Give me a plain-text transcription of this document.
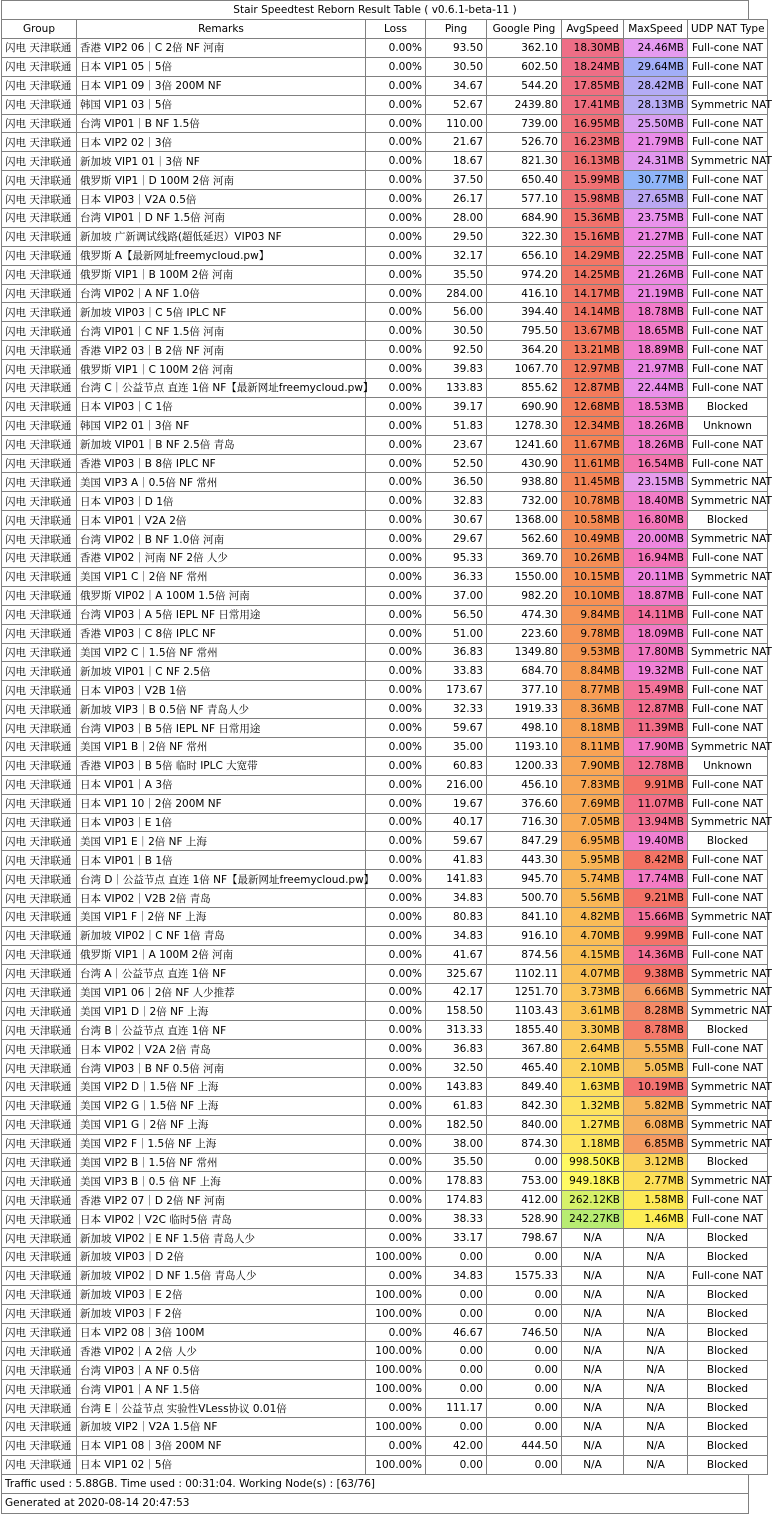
Stair Speedtest Reborn Result Table ( v0.6.1-beta-11 )
Group	Remarks	Loss	Ping	Google Ping	AvgSpeed	MaxSpeed	UDP NAT Type
闪电 天津联通	香港 VIP2 06｜C 2倍 NF 河南	0.00%	93.50	362.10	18.30MB	24.46MB	Full-cone NAT
闪电 天津联通	日本 VIP1 05｜5倍	0.00%	30.50	602.50	18.24MB	29.64MB	Full-cone NAT
闪电 天津联通	日本 VIP1 09｜3倍 200M NF	0.00%	34.67	544.20	17.85MB	28.42MB	Full-cone NAT
闪电 天津联通	韩国 VIP1 03｜5倍	0.00%	52.67	2439.80	17.41MB	28.13MB	Symmetric NAT
闪电 天津联通	台湾 VIP01｜B NF 1.5倍	0.00%	110.00	739.00	16.95MB	25.50MB	Full-cone NAT
闪电 天津联通	日本 VIP2 02｜3倍	0.00%	21.67	526.70	16.23MB	21.79MB	Full-cone NAT
闪电 天津联通	新加坡 VIP1 01｜3倍 NF	0.00%	18.67	821.30	16.13MB	24.31MB	Symmetric NAT
闪电 天津联通	俄罗斯 VIP1｜D 100M 2倍 河南	0.00%	37.50	650.40	15.99MB	30.77MB	Full-cone NAT
闪电 天津联通	日本 VIP03｜V2A 0.5倍	0.00%	26.17	577.10	15.98MB	27.65MB	Full-cone NAT
闪电 天津联通	台湾 VIP01｜D NF 1.5倍 河南	0.00%	28.00	684.90	15.36MB	23.75MB	Full-cone NAT
闪电 天津联通	新加坡 广新调试线路(超低延迟）VIP03 NF	0.00%	29.50	322.30	15.16MB	21.27MB	Full-cone NAT
闪电 天津联通	俄罗斯 A【最新网址freemycloud.pw】	0.00%	32.17	656.10	14.29MB	22.25MB	Full-cone NAT
闪电 天津联通	俄罗斯 VIP1｜B 100M 2倍 河南	0.00%	35.50	974.20	14.25MB	21.26MB	Full-cone NAT
闪电 天津联通	台湾 VIP02｜A NF 1.0倍	0.00%	284.00	416.10	14.17MB	21.19MB	Full-cone NAT
闪电 天津联通	新加坡 VIP03｜C 5倍 IPLC NF	0.00%	56.00	394.40	14.14MB	18.78MB	Full-cone NAT
闪电 天津联通	台湾 VIP01｜C NF 1.5倍 河南	0.00%	30.50	795.50	13.67MB	18.65MB	Full-cone NAT
闪电 天津联通	香港 VIP2 03｜B 2倍 NF 河南	0.00%	92.50	364.20	13.21MB	18.89MB	Full-cone NAT
闪电 天津联通	俄罗斯 VIP1｜C 100M 2倍 河南	0.00%	39.83	1067.70	12.97MB	21.97MB	Full-cone NAT
闪电 天津联通	台湾 C｜公益节点 直连 1倍 NF【最新网址freemycloud.pw】	0.00%	133.83	855.62	12.87MB	22.44MB	Full-cone NAT
闪电 天津联通	日本 VIP03｜C 1倍	0.00%	39.17	690.90	12.68MB	18.53MB	Blocked
闪电 天津联通	韩国 VIP2 01｜3倍 NF	0.00%	51.83	1278.30	12.34MB	18.26MB	Unknown
闪电 天津联通	新加坡 VIP01｜B NF 2.5倍 青岛	0.00%	23.67	1241.60	11.67MB	18.26MB	Full-cone NAT
闪电 天津联通	香港 VIP03｜B 8倍 IPLC NF	0.00%	52.50	430.90	11.61MB	16.54MB	Full-cone NAT
闪电 天津联通	美国 VIP3 A｜0.5倍 NF 常州	0.00%	36.50	938.80	11.45MB	23.15MB	Symmetric NAT
闪电 天津联通	日本 VIP03｜D 1倍	0.00%	32.83	732.00	10.78MB	18.40MB	Symmetric NAT
闪电 天津联通	日本 VIP01｜V2A 2倍	0.00%	30.67	1368.00	10.58MB	16.80MB	Blocked
闪电 天津联通	台湾 VIP02｜B NF 1.0倍 河南	0.00%	29.67	562.60	10.49MB	20.00MB	Symmetric NAT
闪电 天津联通	香港 VIP02｜河南 NF 2倍 人少	0.00%	95.33	369.70	10.26MB	16.94MB	Full-cone NAT
闪电 天津联通	美国 VIP1 C｜2倍 NF 常州	0.00%	36.33	1550.00	10.15MB	20.11MB	Symmetric NAT
闪电 天津联通	俄罗斯 VIP02｜A 100M 1.5倍 河南	0.00%	37.00	982.20	10.10MB	18.87MB	Full-cone NAT
闪电 天津联通	台湾 VIP03｜A 5倍 IEPL NF 日常用途	0.00%	56.50	474.30	9.84MB	14.11MB	Full-cone NAT
闪电 天津联通	香港 VIP03｜C 8倍 IPLC NF	0.00%	51.00	223.60	9.78MB	18.09MB	Full-cone NAT
闪电 天津联通	美国 VIP2 C｜1.5倍 NF 常州	0.00%	36.83	1349.80	9.53MB	17.80MB	Symmetric NAT
闪电 天津联通	新加坡 VIP01｜C NF 2.5倍	0.00%	33.83	684.70	8.84MB	19.32MB	Full-cone NAT
闪电 天津联通	日本 VIP03｜V2B 1倍	0.00%	173.67	377.10	8.77MB	15.49MB	Full-cone NAT
闪电 天津联通	新加坡 VIP3｜B 0.5倍 NF 青岛人少	0.00%	32.33	1919.33	8.36MB	12.87MB	Full-cone NAT
闪电 天津联通	台湾 VIP03｜B 5倍 IEPL NF 日常用途	0.00%	59.67	498.10	8.18MB	11.39MB	Full-cone NAT
闪电 天津联通	美国 VIP1 B｜2倍 NF 常州	0.00%	35.00	1193.10	8.11MB	17.90MB	Symmetric NAT
闪电 天津联通	香港 VIP03｜B 5倍 临时 IPLC 大宽带	0.00%	60.83	1200.33	7.90MB	12.78MB	Unknown
闪电 天津联通	日本 VIP01｜A 3倍	0.00%	216.00	456.10	7.83MB	9.91MB	Full-cone NAT
闪电 天津联通	日本 VIP1 10｜2倍 200M NF	0.00%	19.67	376.60	7.69MB	11.07MB	Full-cone NAT
闪电 天津联通	日本 VIP03｜E 1倍	0.00%	40.17	716.30	7.05MB	13.94MB	Symmetric NAT
闪电 天津联通	美国 VIP1 E｜2倍 NF 上海	0.00%	59.67	847.29	6.95MB	19.40MB	Blocked
闪电 天津联通	日本 VIP01｜B 1倍	0.00%	41.83	443.30	5.95MB	8.42MB	Full-cone NAT
闪电 天津联通	台湾 D｜公益节点 直连 1倍 NF【最新网址freemycloud.pw】	0.00%	141.83	945.70	5.74MB	17.74MB	Full-cone NAT
闪电 天津联通	日本 VIP02｜V2B 2倍 青岛	0.00%	34.83	500.70	5.56MB	9.21MB	Full-cone NAT
闪电 天津联通	美国 VIP1 F｜2倍 NF 上海	0.00%	80.83	841.10	4.82MB	15.66MB	Symmetric NAT
闪电 天津联通	新加坡 VIP02｜C NF 1倍 青岛	0.00%	34.83	916.10	4.70MB	9.99MB	Full-cone NAT
闪电 天津联通	俄罗斯 VIP1｜A 100M 2倍 河南	0.00%	41.67	874.56	4.15MB	14.36MB	Full-cone NAT
闪电 天津联通	台湾 A｜公益节点 直连 1倍 NF	0.00%	325.67	1102.11	4.07MB	9.38MB	Symmetric NAT
闪电 天津联通	美国 VIP1 06｜2倍 NF 人少推荐	0.00%	42.17	1251.70	3.73MB	6.66MB	Symmetric NAT
闪电 天津联通	美国 VIP1 D｜2倍 NF 上海	0.00%	158.50	1103.43	3.61MB	8.28MB	Symmetric NAT
闪电 天津联通	台湾 B｜公益节点 直连 1倍 NF	0.00%	313.33	1855.40	3.30MB	8.78MB	Blocked
闪电 天津联通	日本 VIP02｜V2A 2倍 青岛	0.00%	36.83	367.80	2.64MB	5.55MB	Full-cone NAT
闪电 天津联通	台湾 VIP03｜B NF 0.5倍 河南	0.00%	32.50	465.40	2.10MB	5.05MB	Full-cone NAT
闪电 天津联通	美国 VIP2 D｜1.5倍 NF 上海	0.00%	143.83	849.40	1.63MB	10.19MB	Symmetric NAT
闪电 天津联通	美国 VIP2 G｜1.5倍 NF 上海	0.00%	61.83	842.30	1.32MB	5.82MB	Symmetric NAT
闪电 天津联通	美国 VIP1 G｜2倍 NF 上海	0.00%	182.50	840.00	1.27MB	6.08MB	Symmetric NAT
闪电 天津联通	美国 VIP2 F｜1.5倍 NF 上海	0.00%	38.00	874.30	1.18MB	6.85MB	Symmetric NAT
闪电 天津联通	美国 VIP2 B｜1.5倍 NF 常州	0.00%	35.50	0.00	998.50KB	3.12MB	Blocked
闪电 天津联通	美国 VIP3 B｜0.5 倍 NF 上海	0.00%	178.83	753.00	949.18KB	2.77MB	Symmetric NAT
闪电 天津联通	香港 VIP2 07｜D 2倍 NF 河南	0.00%	174.83	412.00	262.12KB	1.58MB	Full-cone NAT
闪电 天津联通	日本 VIP02｜V2C 临时5倍 青岛	0.00%	38.33	528.90	242.27KB	1.46MB	Full-cone NAT
闪电 天津联通	新加坡 VIP02｜E NF 1.5倍 青岛人少	0.00%	33.17	798.67	N/A	N/A	Blocked
闪电 天津联通	新加坡 VIP03｜D 2倍	100.00%	0.00	0.00	N/A	N/A	Blocked
闪电 天津联通	新加坡 VIP02｜D NF 1.5倍 青岛人少	0.00%	34.83	1575.33	N/A	N/A	Full-cone NAT
闪电 天津联通	新加坡 VIP03｜E 2倍	100.00%	0.00	0.00	N/A	N/A	Blocked
闪电 天津联通	新加坡 VIP03｜F 2倍	100.00%	0.00	0.00	N/A	N/A	Blocked
闪电 天津联通	日本 VIP2 08｜3倍 100M	0.00%	46.67	746.50	N/A	N/A	Blocked
闪电 天津联通	香港 VIP02｜A 2倍 人少	100.00%	0.00	0.00	N/A	N/A	Blocked
闪电 天津联通	台湾 VIP03｜A NF 0.5倍	100.00%	0.00	0.00	N/A	N/A	Blocked
闪电 天津联通	台湾 VIP01｜A NF 1.5倍	100.00%	0.00	0.00	N/A	N/A	Blocked
闪电 天津联通	台湾 E｜公益节点 实验性VLess协议 0.01倍	0.00%	111.17	0.00	N/A	N/A	Blocked
闪电 天津联通	新加坡 VIP2｜V2A 1.5倍 NF	100.00%	0.00	0.00	N/A	N/A	Blocked
闪电 天津联通	日本 VIP1 08｜3倍 200M NF	0.00%	42.00	444.50	N/A	N/A	Blocked
闪电 天津联通	日本 VIP1 02｜5倍	100.00%	0.00	0.00	N/A	N/A	Blocked
Traffic used : 5.88GB. Time used : 00:31:04. Working Node(s) : [63/76]
Generated at 2020-08-14 20:47:53
